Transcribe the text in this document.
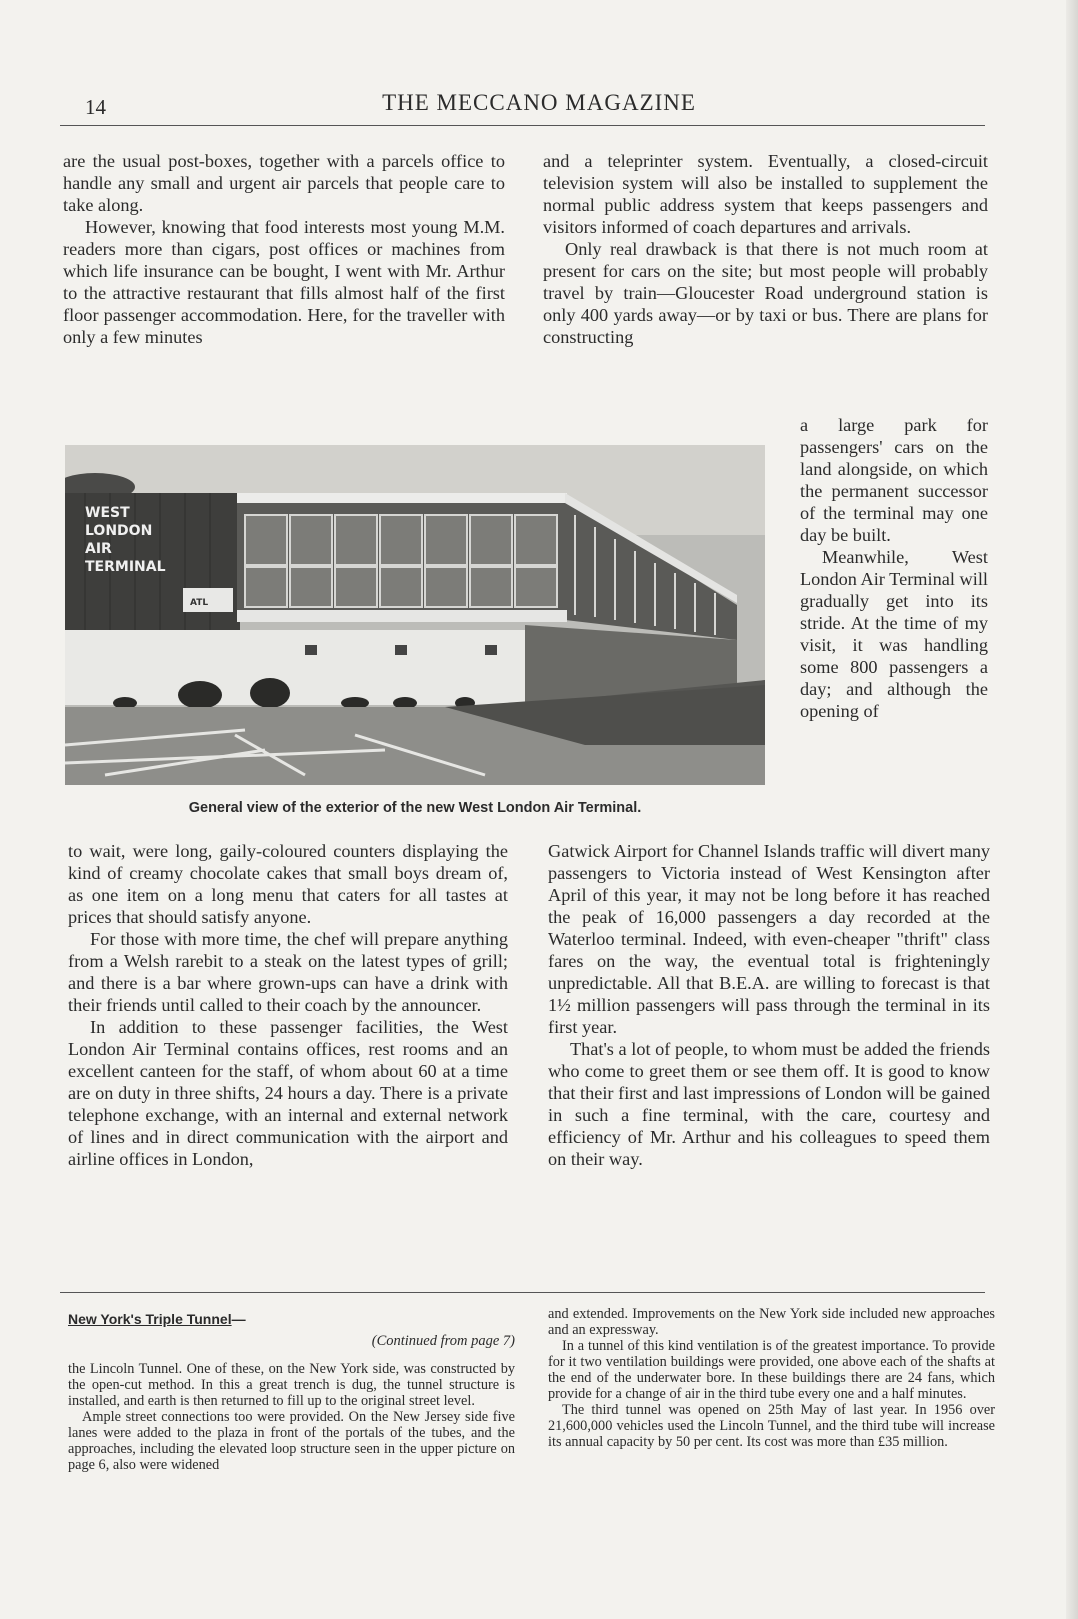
14	THE MECCANO MAGAZINE

are the usual post-boxes, together with a parcels office to handle any small and urgent air parcels that people care to take along.

However, knowing that food interests most young M.M. readers more than cigars, post offices or machines from which life insurance can be bought, I went with Mr. Arthur to the attractive restaurant that fills almost half of the first floor passenger accommodation. Here, for the traveller with only a few minutes

and a teleprinter system. Eventually, a closed-circuit television system will also be installed to supplement the normal public address system that keeps passengers and visitors informed of coach departures and arrivals.

Only real drawback is that there is not much room at present for cars on the site; but most people will probably travel by train—Gloucester Road underground station is only 400 yards away—or by taxi or bus. There are plans for constructing

a large park for passengers' cars on the land alongside, on which the permanent successor of the terminal may one day be built.

Meanwhile, West London Air Terminal will gradually get into its stride. At the time of my visit, it was handling some 800 passengers a day; and although the opening of

WEST
LONDON
AIR
TERMINAL
ATL
General view of the exterior of the new West London Air Terminal.

to wait, were long, gaily-coloured counters displaying the kind of creamy chocolate cakes that small boys dream of, as one item on a long menu that caters for all tastes at prices that should satisfy anyone.

For those with more time, the chef will prepare anything from a Welsh rarebit to a steak on the latest types of grill; and there is a bar where grown-ups can have a drink with their friends until called to their coach by the announcer.

In addition to these passenger facilities, the West London Air Terminal contains offices, rest rooms and an excellent canteen for the staff, of whom about 60 at a time are on duty in three shifts, 24 hours a day. There is a private telephone exchange, with an internal and external network of lines and in direct communication with the airport and airline offices in London,

Gatwick Airport for Channel Islands traffic will divert many passengers to Victoria instead of West Kensington after April of this year, it may not be long before it has reached the peak of 16,000 passengers a day recorded at the Waterloo terminal. Indeed, with even-cheaper "thrift" class fares on the way, the eventual total is frighteningly unpredictable. All that B.E.A. are willing to forecast is that 1½ million passengers will pass through the terminal in its first year.

That's a lot of people, to whom must be added the friends who come to greet them or see them off. It is good to know that their first and last impressions of London will be gained in such a fine terminal, with the care, courtesy and efficiency of Mr. Arthur and his colleagues to speed them on their way.

New York's Triple Tunnel—
(Continued from page 7)

the Lincoln Tunnel. One of these, on the New York side, was constructed by the open-cut method. In this a great trench is dug, the tunnel structure is installed, and earth is then returned to fill up to the original street level.

Ample street connections too were provided. On the New Jersey side five lanes were added to the plaza in front of the portals of the tubes, and the approaches, including the elevated loop structure seen in the upper picture on page 6, also were widened

and extended. Improvements on the New York side included new approaches and an expressway.

In a tunnel of this kind ventilation is of the greatest importance. To provide for it two ventilation buildings were provided, one above each of the shafts at the end of the underwater bore. In these buildings there are 24 fans, which provide for a change of air in the third tube every one and a half minutes.

The third tunnel was opened on 25th May of last year. In 1956 over 21,600,000 vehicles used the Lincoln Tunnel, and the third tube will increase its annual capacity by 50 per cent. Its cost was more than £35 million.
